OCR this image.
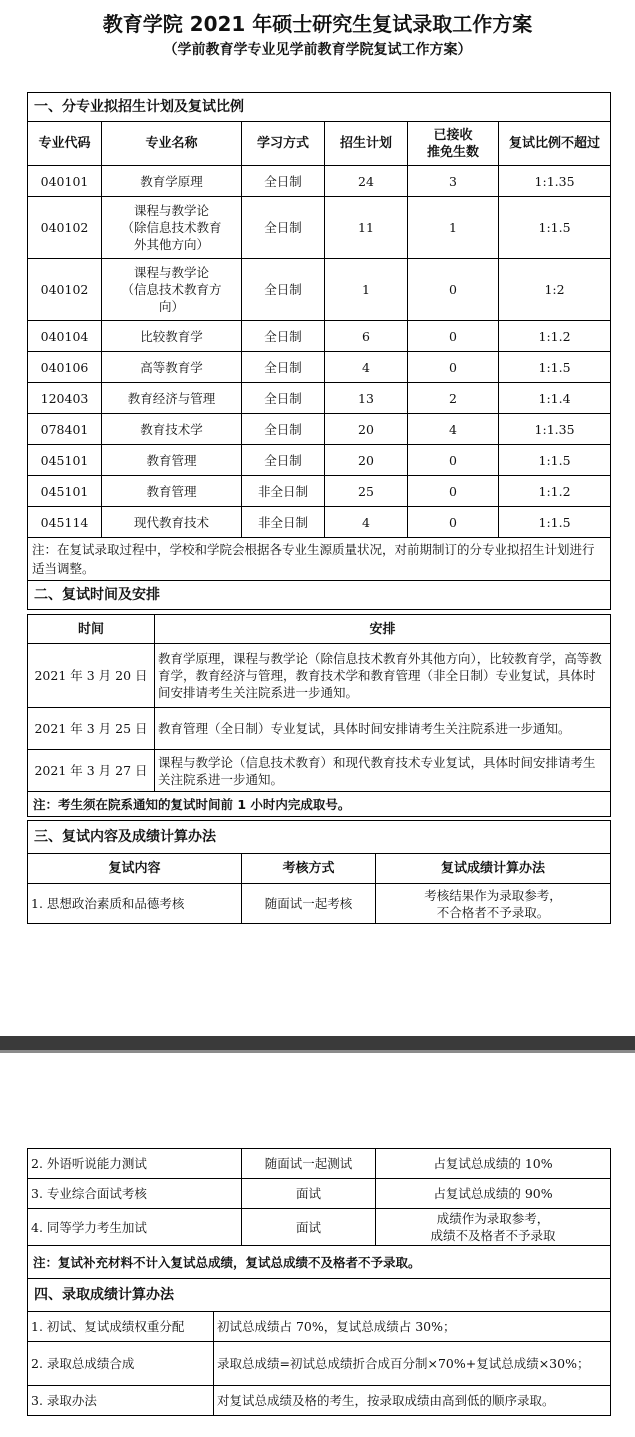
教育学院 2021 年硕士研究生复试录取工作方案
（学前教育学专业见学前教育学院复试工作方案）
一、分专业拟招生计划及复试比例					
专业代码	专业名称	学习方式	招生计划	已接收
推免生数	复试比例不超过
040101	教育学原理	全日制	24	3	1:1.35
040102	课程与教学论
（除信息技术教育
外其他方向）	全日制	11	1	1:1.5
040102	课程与教学论
（信息技术教育方
向）	全日制	1	0	1:2
040104	比较教育学	全日制	6	0	1:1.2
040106	高等教育学	全日制	4	0	1:1.5
120403	教育经济与管理	全日制	13	2	1:1.4
078401	教育技术学	全日制	20	4	1:1.35
045101	教育管理	全日制	20	0	1:1.5
045101	教育管理	非全日制	25	0	1:1.2
045114	现代教育技术	非全日制	4	0	1:1.5
注：在复试录取过程中，学校和学院会根据各专业生源质量状况，对前期制订的分专业拟招生计划进行适当调整。					
二、复试时间及安排					
时间	安排
2021 年 3 月 20 日	教育学原理，课程与教学论（除信息技术教育外其他方向），比较教育学，高等教育学，教育经济与管理，教育技术学和教育管理（非全日制）专业复试，具体时间安排请考生关注院系进一步通知。
2021 年 3 月 25 日	教育管理（全日制）专业复试，具体时间安排请考生关注院系进一步通知。
2021 年 3 月 27 日	课程与教学论（信息技术教育）和现代教育技术专业复试，具体时间安排请考生关注院系进一步通知。
注：考生须在院系通知的复试时间前 1 小时内完成取号。	
三、复试内容及成绩计算办法		
复试内容	考核方式	复试成绩计算办法
1. 思想政治素质和品德考核	随面试一起考核	考核结果作为录取参考，
不合格者不予录取。
2. 外语听说能力测试	随面试一起测试	占复试总成绩的 10%
3. 专业综合面试考核	面试	占复试总成绩的 90%
4. 同等学力考生加试	面试	成绩作为录取参考，
成绩不及格者不予录取
注：复试补充材料不计入复试总成绩，复试总成绩不及格者不予录取。		
四、录取成绩计算办法	
1. 初试、复试成绩权重分配	初试总成绩占 70%，复试总成绩占 30%；
2. 录取总成绩合成	录取总成绩=初试总成绩折合成百分制×70%+复试总成绩×30%；
3. 录取办法	对复试总成绩及格的考生，按录取成绩由高到低的顺序录取。
